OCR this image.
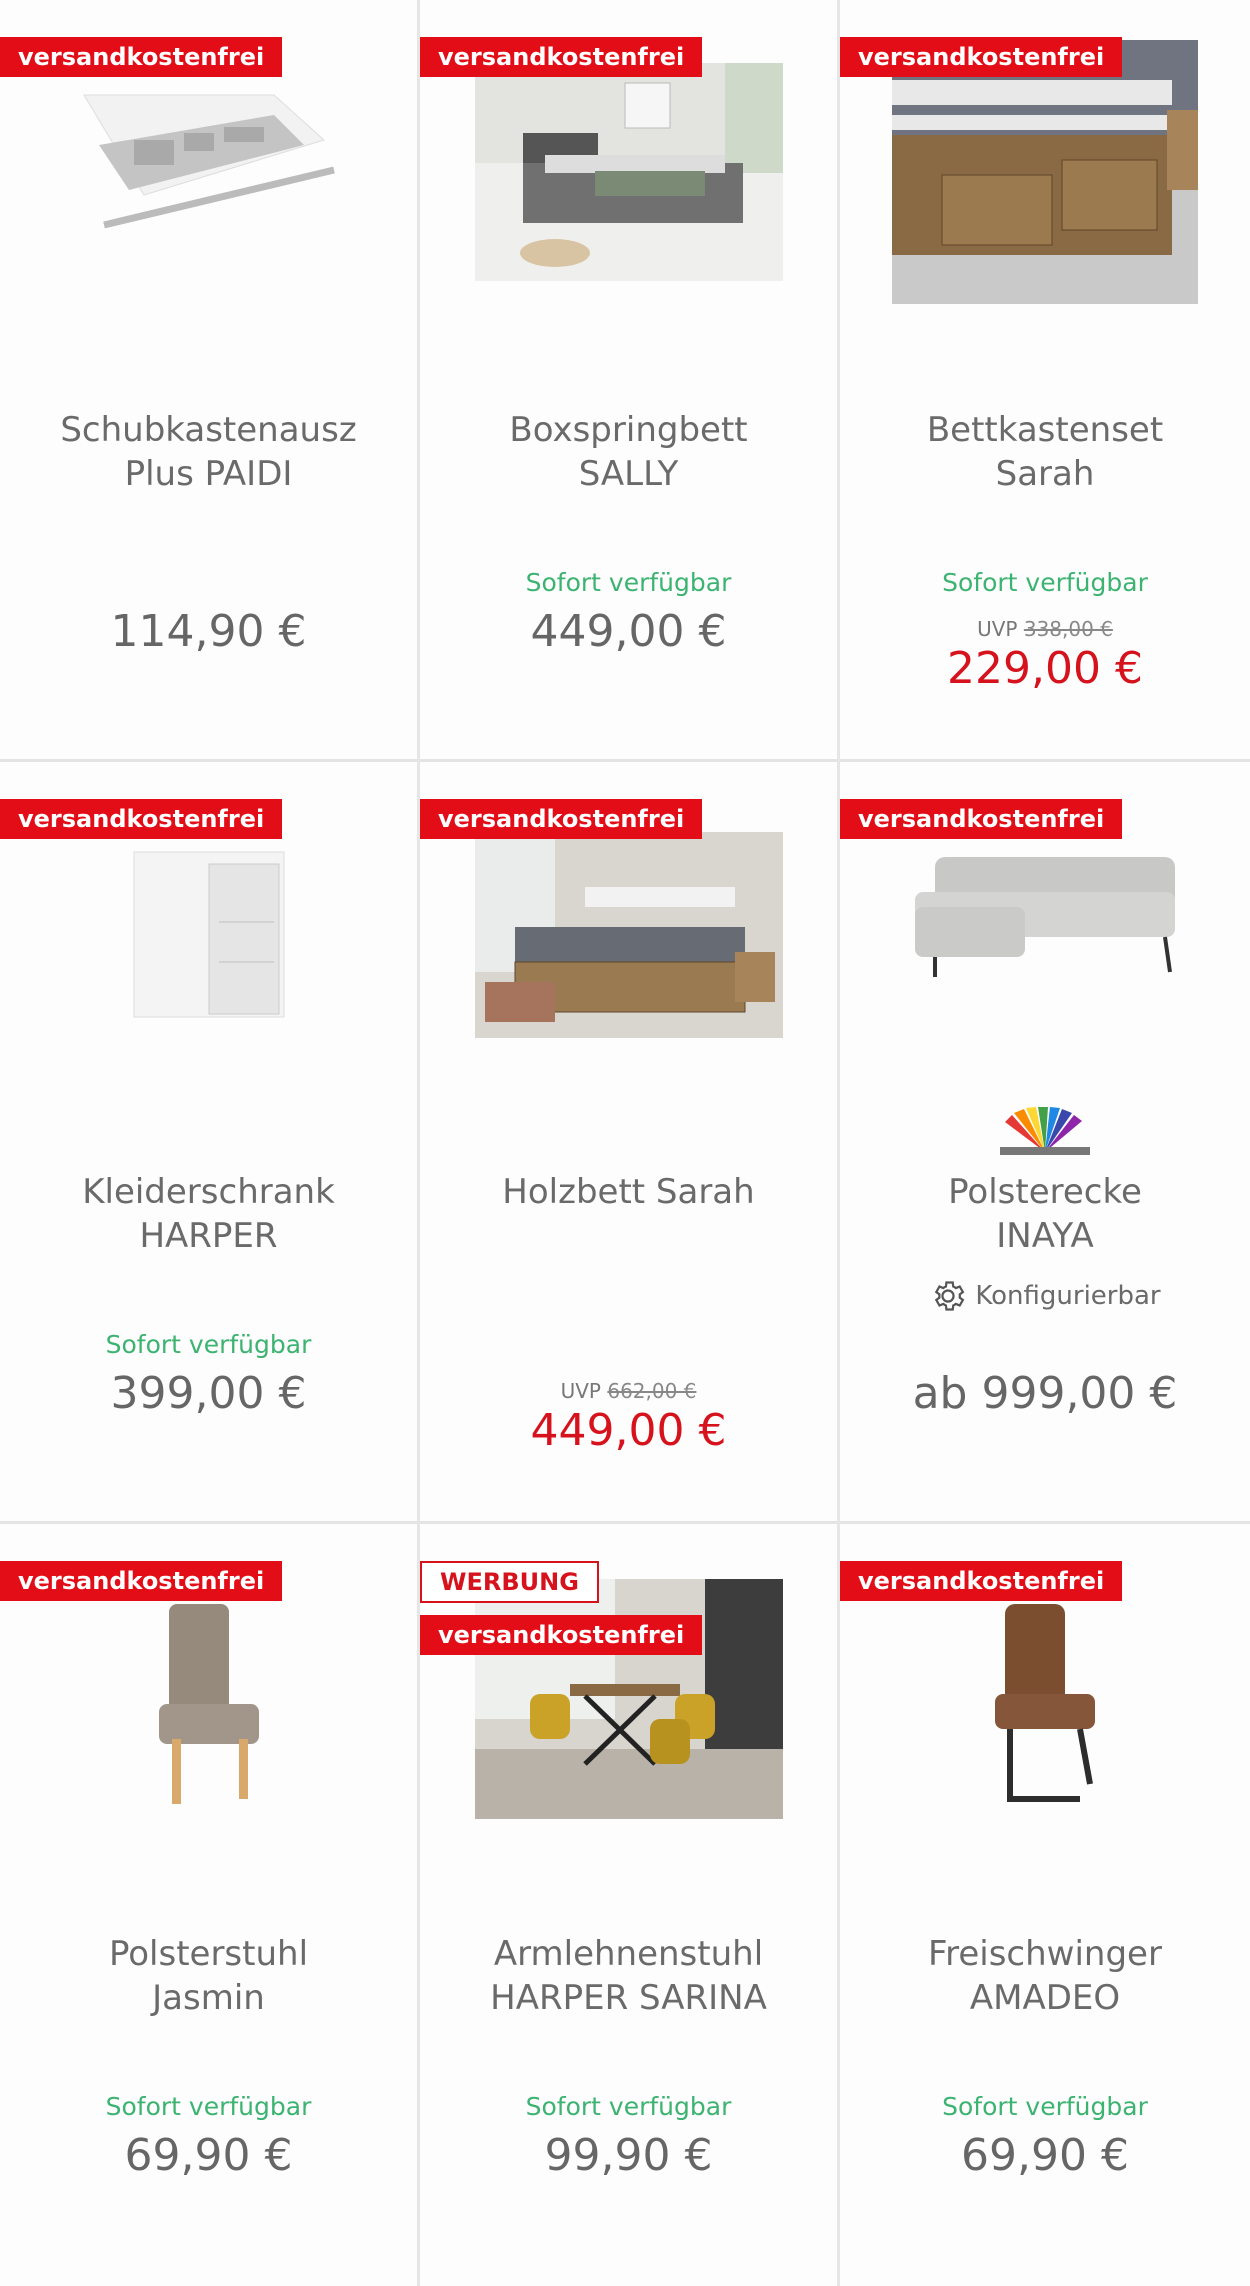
versandkostenfrei
Schubkastenausz
Plus PAIDI
114,90 €
versandkostenfrei
Boxspringbett
SALLY
Sofort verfügbar
449,00 €
versandkostenfrei
Bettkastenset
Sarah
Sofort verfügbar
UVP 338,00 €
229,00 €
versandkostenfrei
Kleiderschrank
HARPER
Sofort verfügbar
399,00 €
versandkostenfrei
Holzbett Sarah
UVP 662,00 €
449,00 €
versandkostenfrei
Polsterecke
INAYA
Konfigurierbar
ab 999,00 €
versandkostenfrei
Polsterstuhl
Jasmin
Sofort verfügbar
69,90 €
WERBUNG
versandkostenfrei
Armlehnenstuhl
HARPER SARINA
Sofort verfügbar
99,90 €
versandkostenfrei
Freischwinger
AMADEO
Sofort verfügbar
69,90 €
